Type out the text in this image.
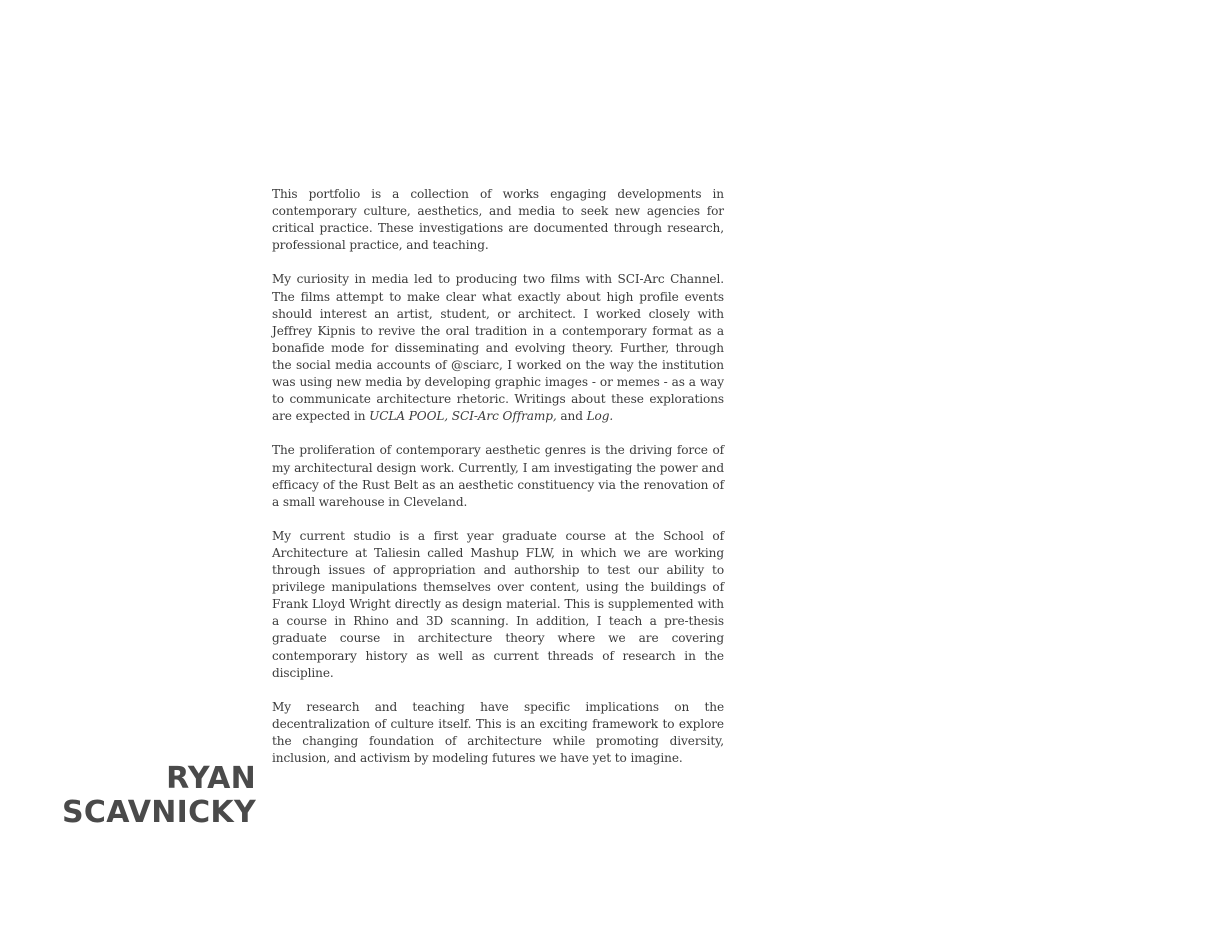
This portfolio is a collection of works engaging developments in contemporary culture, aesthetics, and media to seek new agencies for critical practice. These investigations are documented through research, professional practice, and teaching.

My curiosity in media led to producing two films with SCI-Arc Channel. The films attempt to make clear what exactly about high profile events should interest an artist, student, or architect. I worked closely with Jeffrey Kipnis to revive the oral tradition in a contemporary format as a bonafide mode for disseminating and evolving theory. Further, through the social media accounts of @sciarc, I worked on the way the institution was using new media by developing graphic images - or memes - as a way to communicate architecture rhetoric. Writings about these explorations are expected in UCLA POOL, SCI-Arc Offramp, and Log.

The proliferation of contemporary aesthetic genres is the driving force of my architectural design work. Currently, I am investigating the power and efficacy of the Rust Belt as an aesthetic constituency via the renovation of a small warehouse in Cleveland.

My current studio is a first year graduate course at the School of Architecture at Taliesin called Mashup FLW, in which we are working through issues of appropriation and authorship to test our ability to privilege manipulations themselves over content, using the buildings of Frank Lloyd Wright directly as design material. This is supplemented with a course in Rhino and 3D scanning. In addition, I teach a pre-thesis graduate course in architecture theory where we are covering contemporary history as well as current threads of research in the discipline.

My research and teaching have specific implications on the decentralization of culture itself. This is an exciting framework to explore the changing foundation of architecture while promoting diversity, inclusion, and activism by modeling futures we have yet to imagine.

RYAN
SCAVNICKY
